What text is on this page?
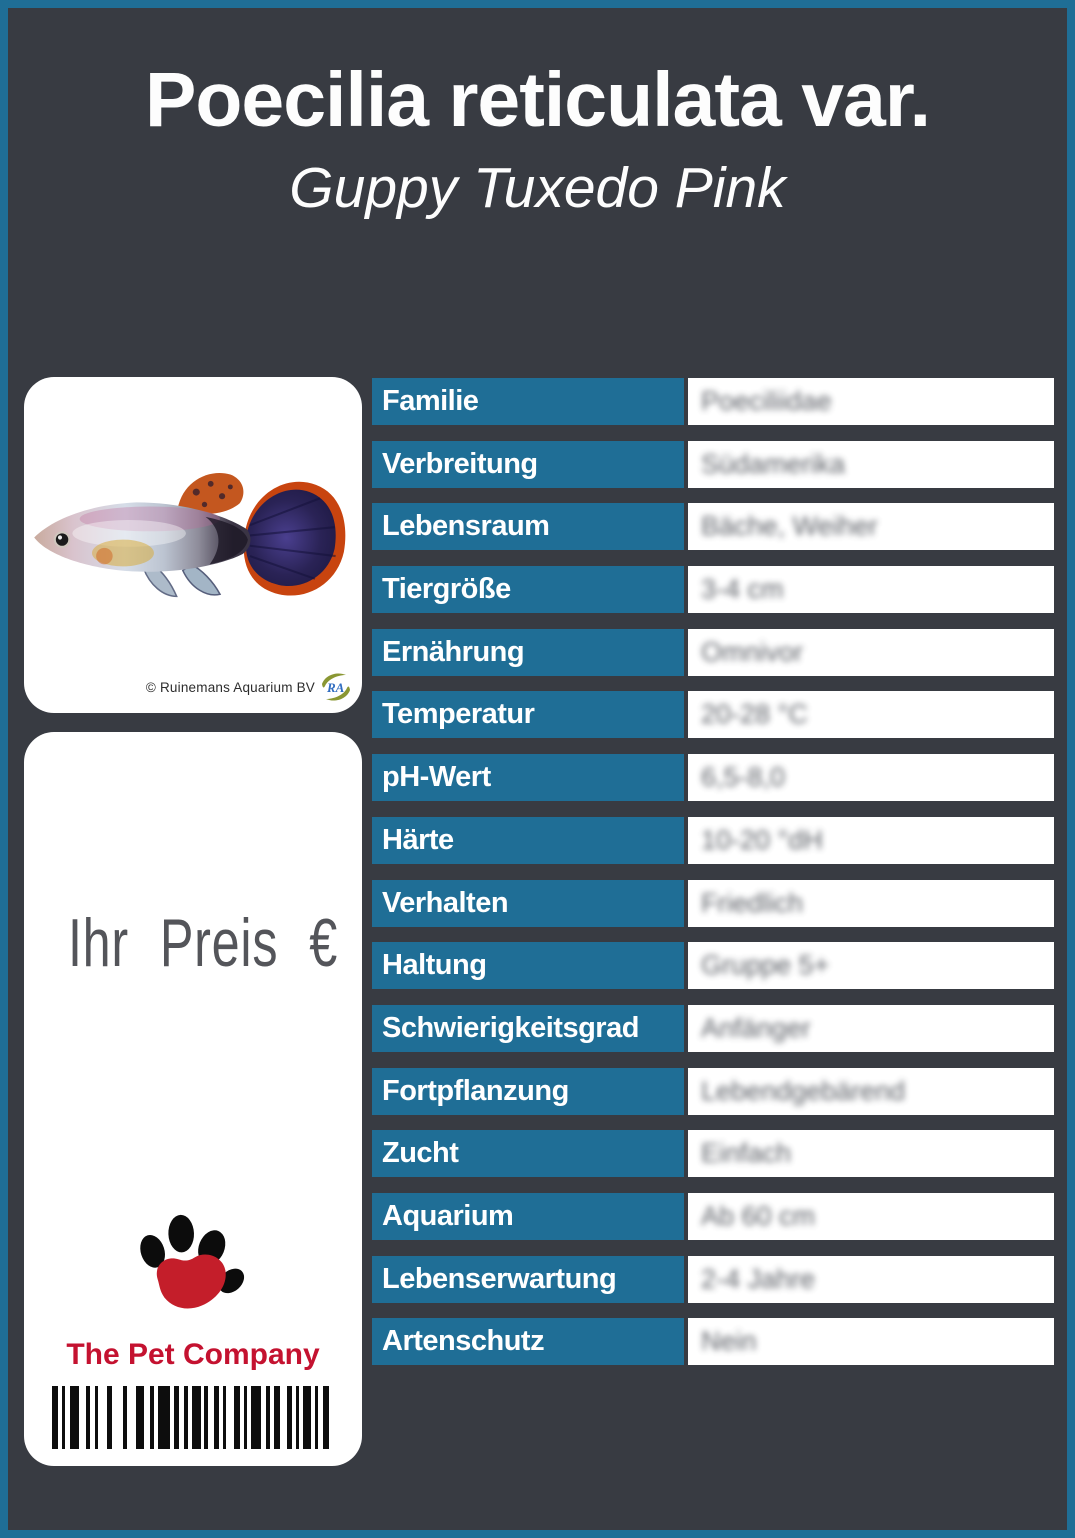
Poecilia reticulata var.
Guppy Tuxedo Pink
© Ruinemans Aquarium BV RA
Ihr Preis €
The Pet Company
Familie	Poeciliidae
Verbreitung	Südamerika
Lebensraum	Bäche, Weiher
Tiergröße	3-4 cm
Ernährung	Omnivor
Temperatur	20-28 °C
pH-Wert	6,5-8,0
Härte	10-20 °dH
Verhalten	Friedlich
Haltung	Gruppe 5+
Schwierigkeitsgrad	Anfänger
Fortpflanzung	Lebendgebärend
Zucht	Einfach
Aquarium	Ab 60 cm
Lebenserwartung	2-4 Jahre
Artenschutz	Nein
